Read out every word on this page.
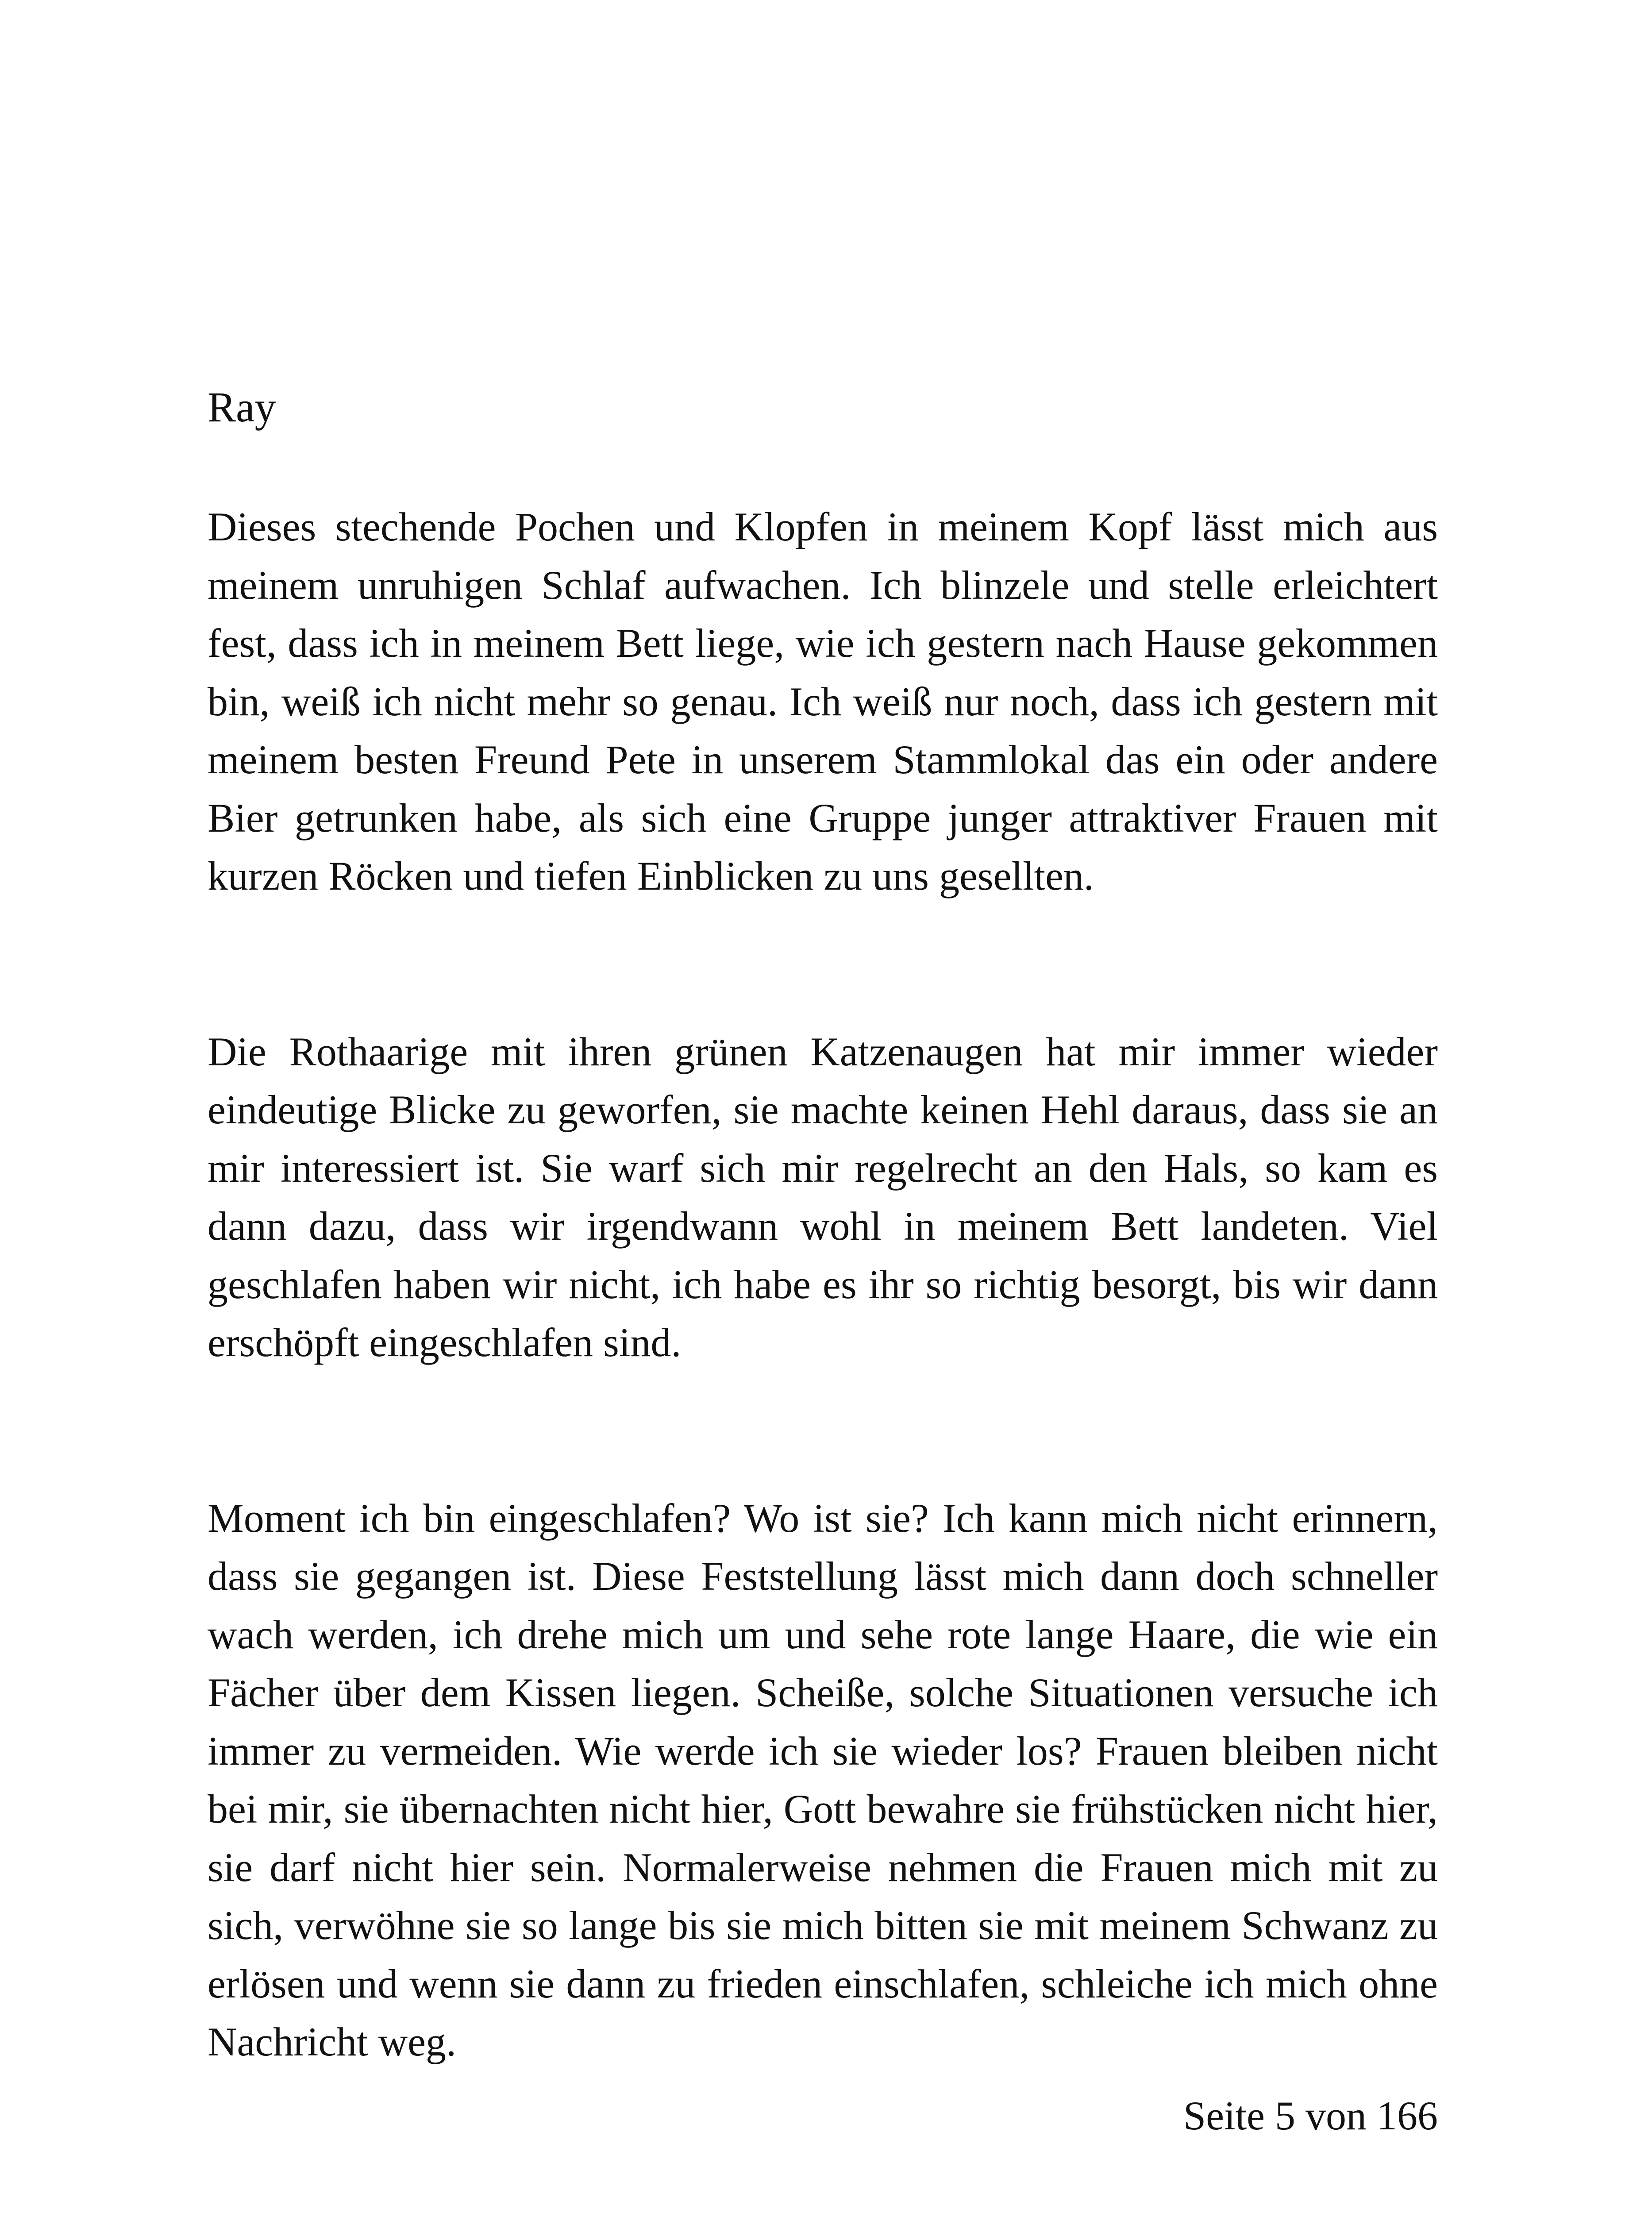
Ray

Dieses stechende Pochen und Klopfen in meinem Kopf lässt mich aus meinem unruhigen Schlaf aufwachen. Ich blinzele und stelle erleichtert fest, dass ich in meinem Bett liege, wie ich gestern nach Hause gekommen bin, weiß ich nicht mehr so genau. Ich weiß nur noch, dass ich gestern mit meinem besten Freund Pete in unserem Stammlokal das ein oder andere Bier getrunken habe, als sich eine Gruppe junger attraktiver Frauen mit kurzen Röcken und tiefen Einblicken zu uns gesellten.

Die Rothaarige mit ihren grünen Katzenaugen hat mir immer wieder eindeutige Blicke zu geworfen, sie machte keinen Hehl daraus, dass sie an mir interessiert ist. Sie warf sich mir regelrecht an den Hals, so kam es dann dazu, dass wir irgendwann wohl in meinem Bett landeten. Viel geschlafen haben wir nicht, ich habe es ihr so richtig besorgt, bis wir dann erschöpft eingeschlafen sind.

Moment ich bin eingeschlafen? Wo ist sie? Ich kann mich nicht erinnern, dass sie gegangen ist. Diese Feststellung lässt mich dann doch schneller wach werden, ich drehe mich um und sehe rote lange Haare, die wie ein Fächer über dem Kissen liegen. Scheiße, solche Situationen versuche ich immer zu vermeiden. Wie werde ich sie wieder los? Frauen bleiben nicht bei mir, sie übernachten nicht hier, Gott bewahre sie frühstücken nicht hier, sie darf nicht hier sein. Normalerweise nehmen die Frauen mich mit zu sich, verwöhne sie so lange bis sie mich bitten sie mit meinem Schwanz zu erlösen und wenn sie dann zu frieden einschlafen, schleiche ich mich ohne Nachricht weg.

Seite 5 von 166
